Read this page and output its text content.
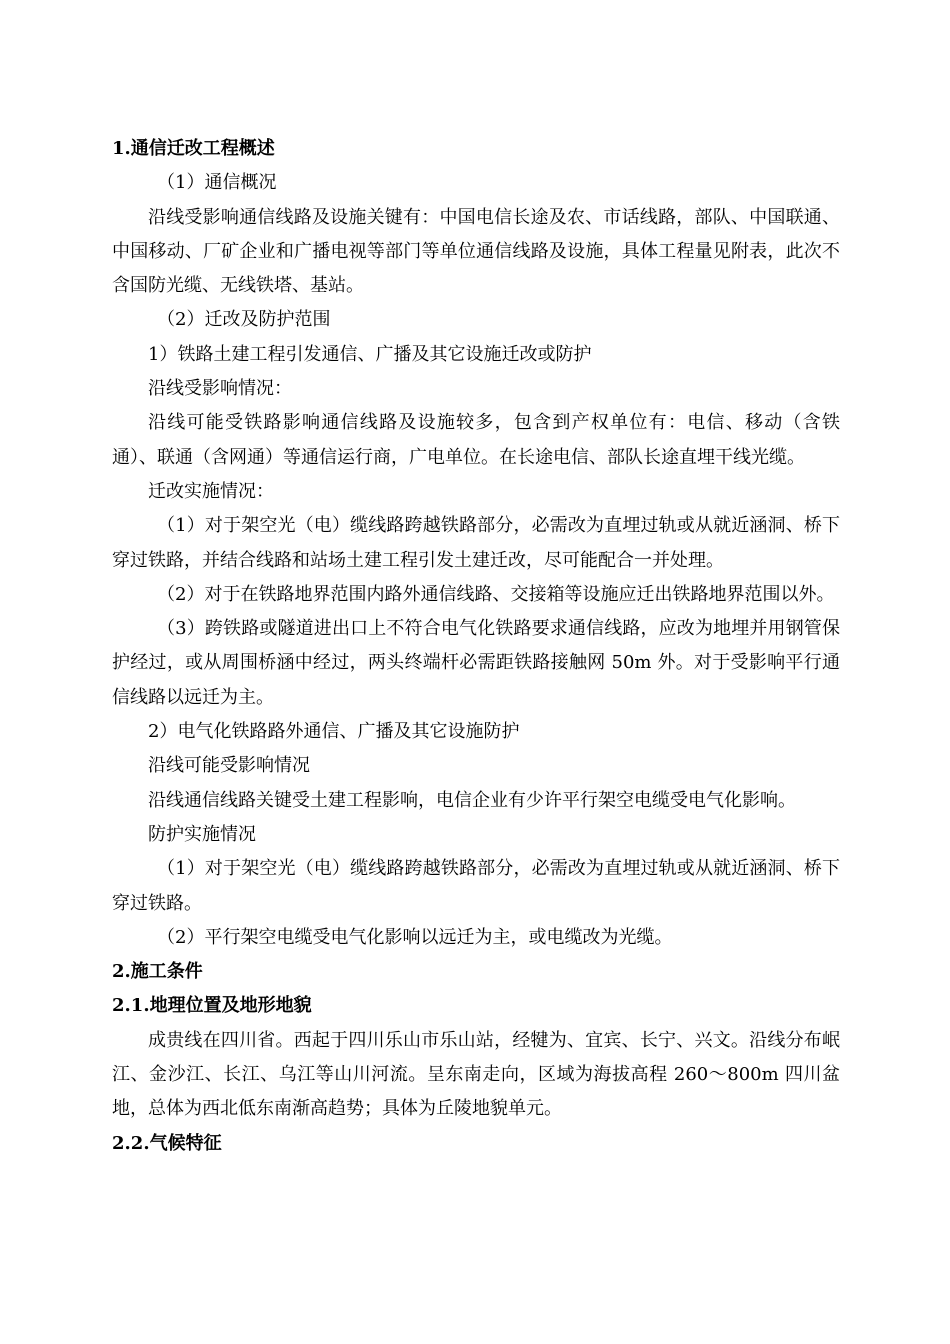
1.通信迁改工程概述
（1）通信概况
沿线受影响通信线路及设施关键有：中国电信长途及农、市话线路，部队、中国联通、中国移动、厂矿企业和广播电视等部门等单位通信线路及设施，具体工程量见附表，此次不含国防光缆、无线铁塔、基站。
（2）迁改及防护范围
1）铁路土建工程引发通信、广播及其它设施迁改或防护
沿线受影响情况：
沿线可能受铁路影响通信线路及设施较多，包含到产权单位有：电信、移动（含铁通）、联通（含网通）等通信运行商，广电单位。在长途电信、部队长途直埋干线光缆。
迁改实施情况：
（1）对于架空光（电）缆线路跨越铁路部分，必需改为直埋过轨或从就近涵洞、桥下穿过铁路，并结合线路和站场土建工程引发土建迁改，尽可能配合一并处理。
（2）对于在铁路地界范围内路外通信线路、交接箱等设施应迁出铁路地界范围以外。
（3）跨铁路或隧道进出口上不符合电气化铁路要求通信线路，应改为地埋并用钢管保护经过，或从周围桥涵中经过，两头终端杆必需距铁路接触网 50m 外。对于受影响平行通信线路以远迁为主。
2）电气化铁路路外通信、广播及其它设施防护
沿线可能受影响情况
沿线通信线路关键受土建工程影响，电信企业有少许平行架空电缆受电气化影响。
防护实施情况
（1）对于架空光（电）缆线路跨越铁路部分，必需改为直埋过轨或从就近涵洞、桥下穿过铁路。
（2）平行架空电缆受电气化影响以远迁为主，或电缆改为光缆。
2.施工条件
2.1.地理位置及地形地貌
成贵线在四川省。西起于四川乐山市乐山站，经犍为、宜宾、长宁、兴文。沿线分布岷江、金沙江、长江、乌江等山川河流。呈东南走向，区域为海拔高程 260～800m 四川盆地，总体为西北低东南渐高趋势；具体为丘陵地貌单元。
2.2.气候特征
